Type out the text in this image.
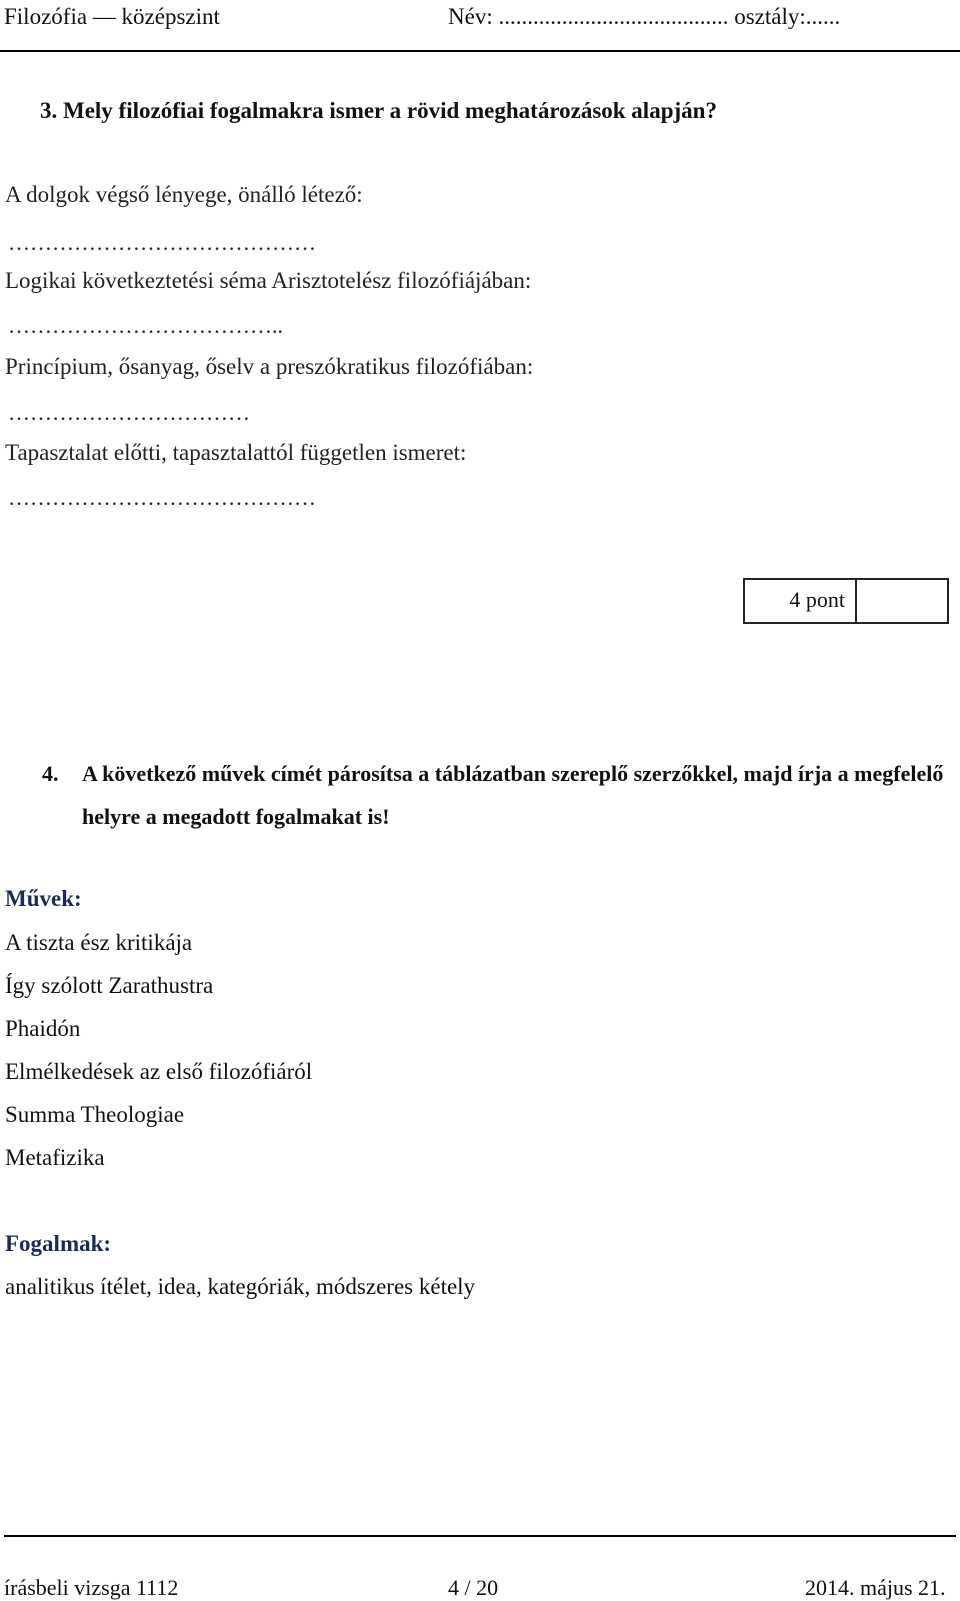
Filozófia — középszint	Név: ........................................ osztály:......
3. Mely filozófiai fogalmakra ismer a rövid meghatározások alapján?
A dolgok végső lényege, önálló létező:
……………………………………
Logikai következtetési séma Arisztotelész filozófiájában:
………………………………..
Princípium, ősanyag, őselv a preszókratikus filozófiában:
……………………………
Tapasztalat előtti, tapasztalattól független ismeret:
……………………………………
4 pont
4. A következő művek címét párosítsa a táblázatban szereplő szerzőkkel, majd írja a megfelelő helyre a megadott fogalmakat is!
Művek:
A tiszta ész kritikája
Így szólott Zarathustra
Phaidón
Elmélkedések az első filozófiáról
Summa Theologiae
Metafizika
Fogalmak:
analitikus ítélet, idea, kategóriák, módszeres kétely
írásbeli vizsga 1112	4 / 20	2014. május 21.
